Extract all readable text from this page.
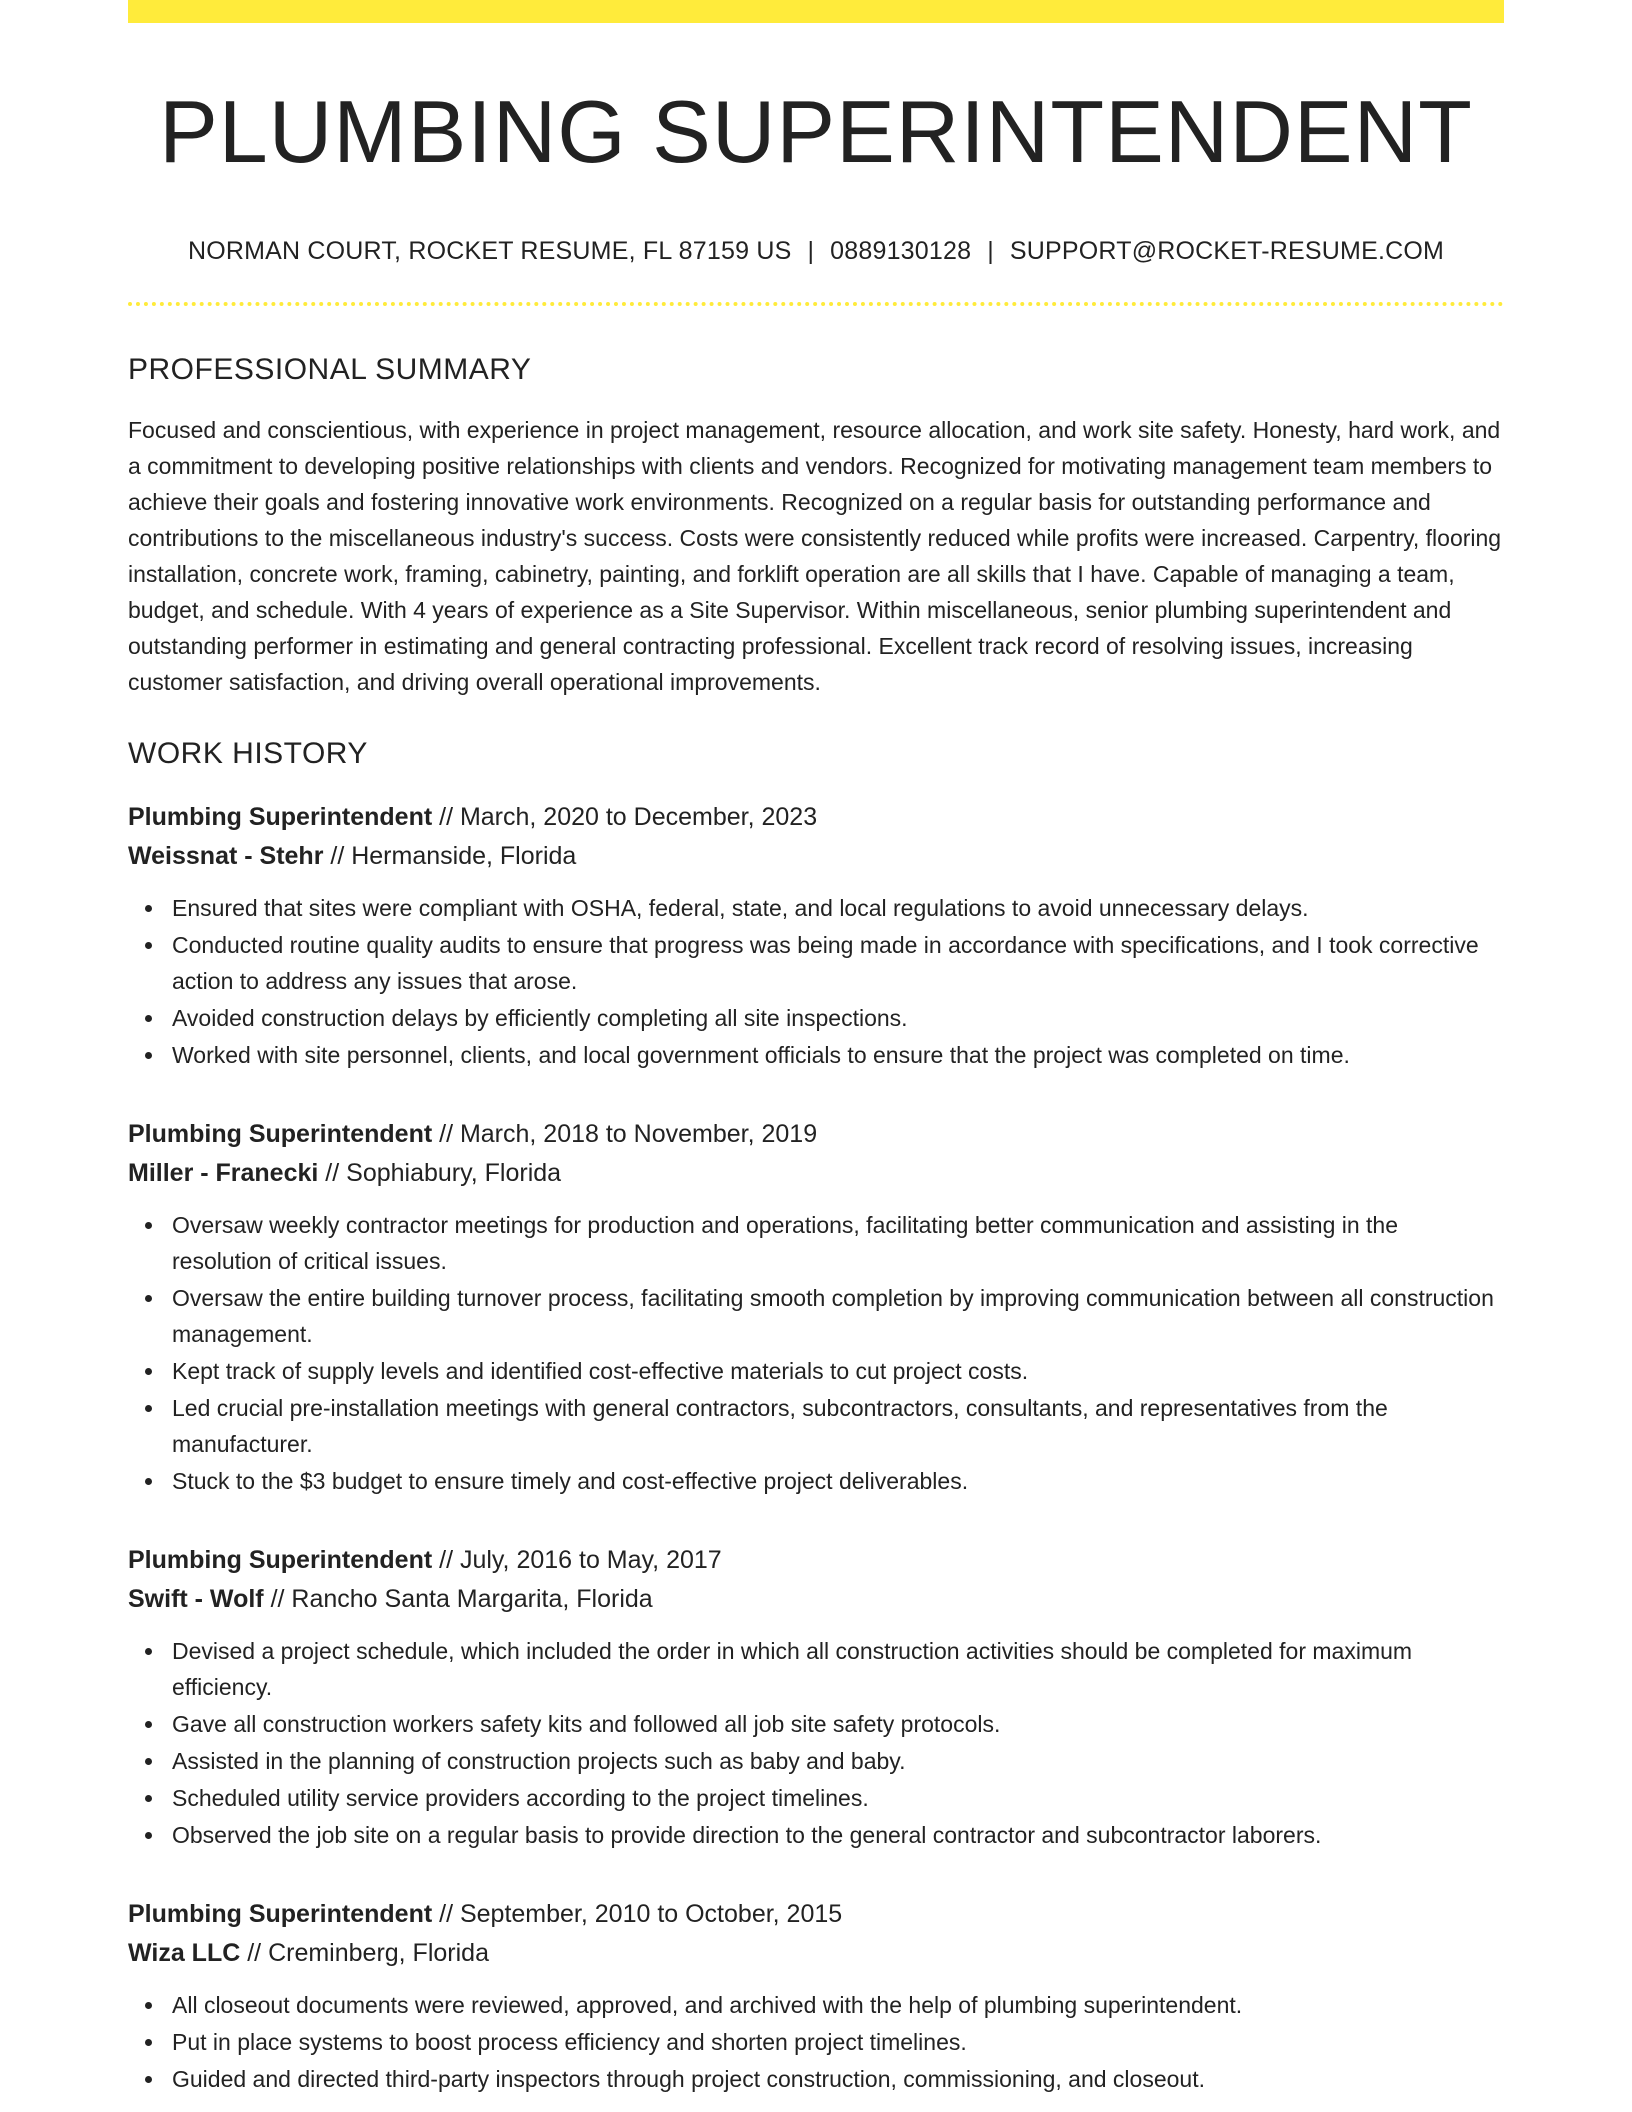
PLUMBING SUPERINTENDENT
NORMAN COURT, ROCKET RESUME, FL 87159 US | 0889130128 | SUPPORT@ROCKET-RESUME.COM
PROFESSIONAL SUMMARY

Focused and conscientious, with experience in project management, resource allocation, and work site safety. Honesty, hard work, and a commitment to developing positive relationships with clients and vendors. Recognized for motivating management team members to achieve their goals and fostering innovative work environments. Recognized on a regular basis for outstanding performance and contributions to the miscellaneous industry's success. Costs were consistently reduced while profits were increased. Carpentry, flooring installation, concrete work, framing, cabinetry, painting, and forklift operation are all skills that I have. Capable of managing a team, budget, and schedule. With 4 years of experience as a Site Supervisor. Within miscellaneous, senior plumbing superintendent and outstanding performer in estimating and general contracting professional. Excellent track record of resolving issues, increasing customer satisfaction, and driving overall operational improvements.

WORK HISTORY
Plumbing Superintendent // March, 2020 to December, 2023
Weissnat - Stehr // Hermanside, Florida
Ensured that sites were compliant with OSHA, federal, state, and local regulations to avoid unnecessary delays.
Conducted routine quality audits to ensure that progress was being made in accordance with specifications, and I took corrective action to address any issues that arose.
Avoided construction delays by efficiently completing all site inspections.
Worked with site personnel, clients, and local government officials to ensure that the project was completed on time.
Plumbing Superintendent // March, 2018 to November, 2019
Miller - Franecki // Sophiabury, Florida
Oversaw weekly contractor meetings for production and operations, facilitating better communication and assisting in the resolution of critical issues.
Oversaw the entire building turnover process, facilitating smooth completion by improving communication between all construction management.
Kept track of supply levels and identified cost-effective materials to cut project costs.
Led crucial pre-installation meetings with general contractors, subcontractors, consultants, and representatives from the manufacturer.
Stuck to the $3 budget to ensure timely and cost-effective project deliverables.
Plumbing Superintendent // July, 2016 to May, 2017
Swift - Wolf // Rancho Santa Margarita, Florida
Devised a project schedule, which included the order in which all construction activities should be completed for maximum efficiency.
Gave all construction workers safety kits and followed all job site safety protocols.
Assisted in the planning of construction projects such as baby and baby.
Scheduled utility service providers according to the project timelines.
Observed the job site on a regular basis to provide direction to the general contractor and subcontractor laborers.
Plumbing Superintendent // September, 2010 to October, 2015
Wiza LLC // Creminberg, Florida
All closeout documents were reviewed, approved, and archived with the help of plumbing superintendent.
Put in place systems to boost process efficiency and shorten project timelines.
Guided and directed third-party inspectors through project construction, commissioning, and closeout.
